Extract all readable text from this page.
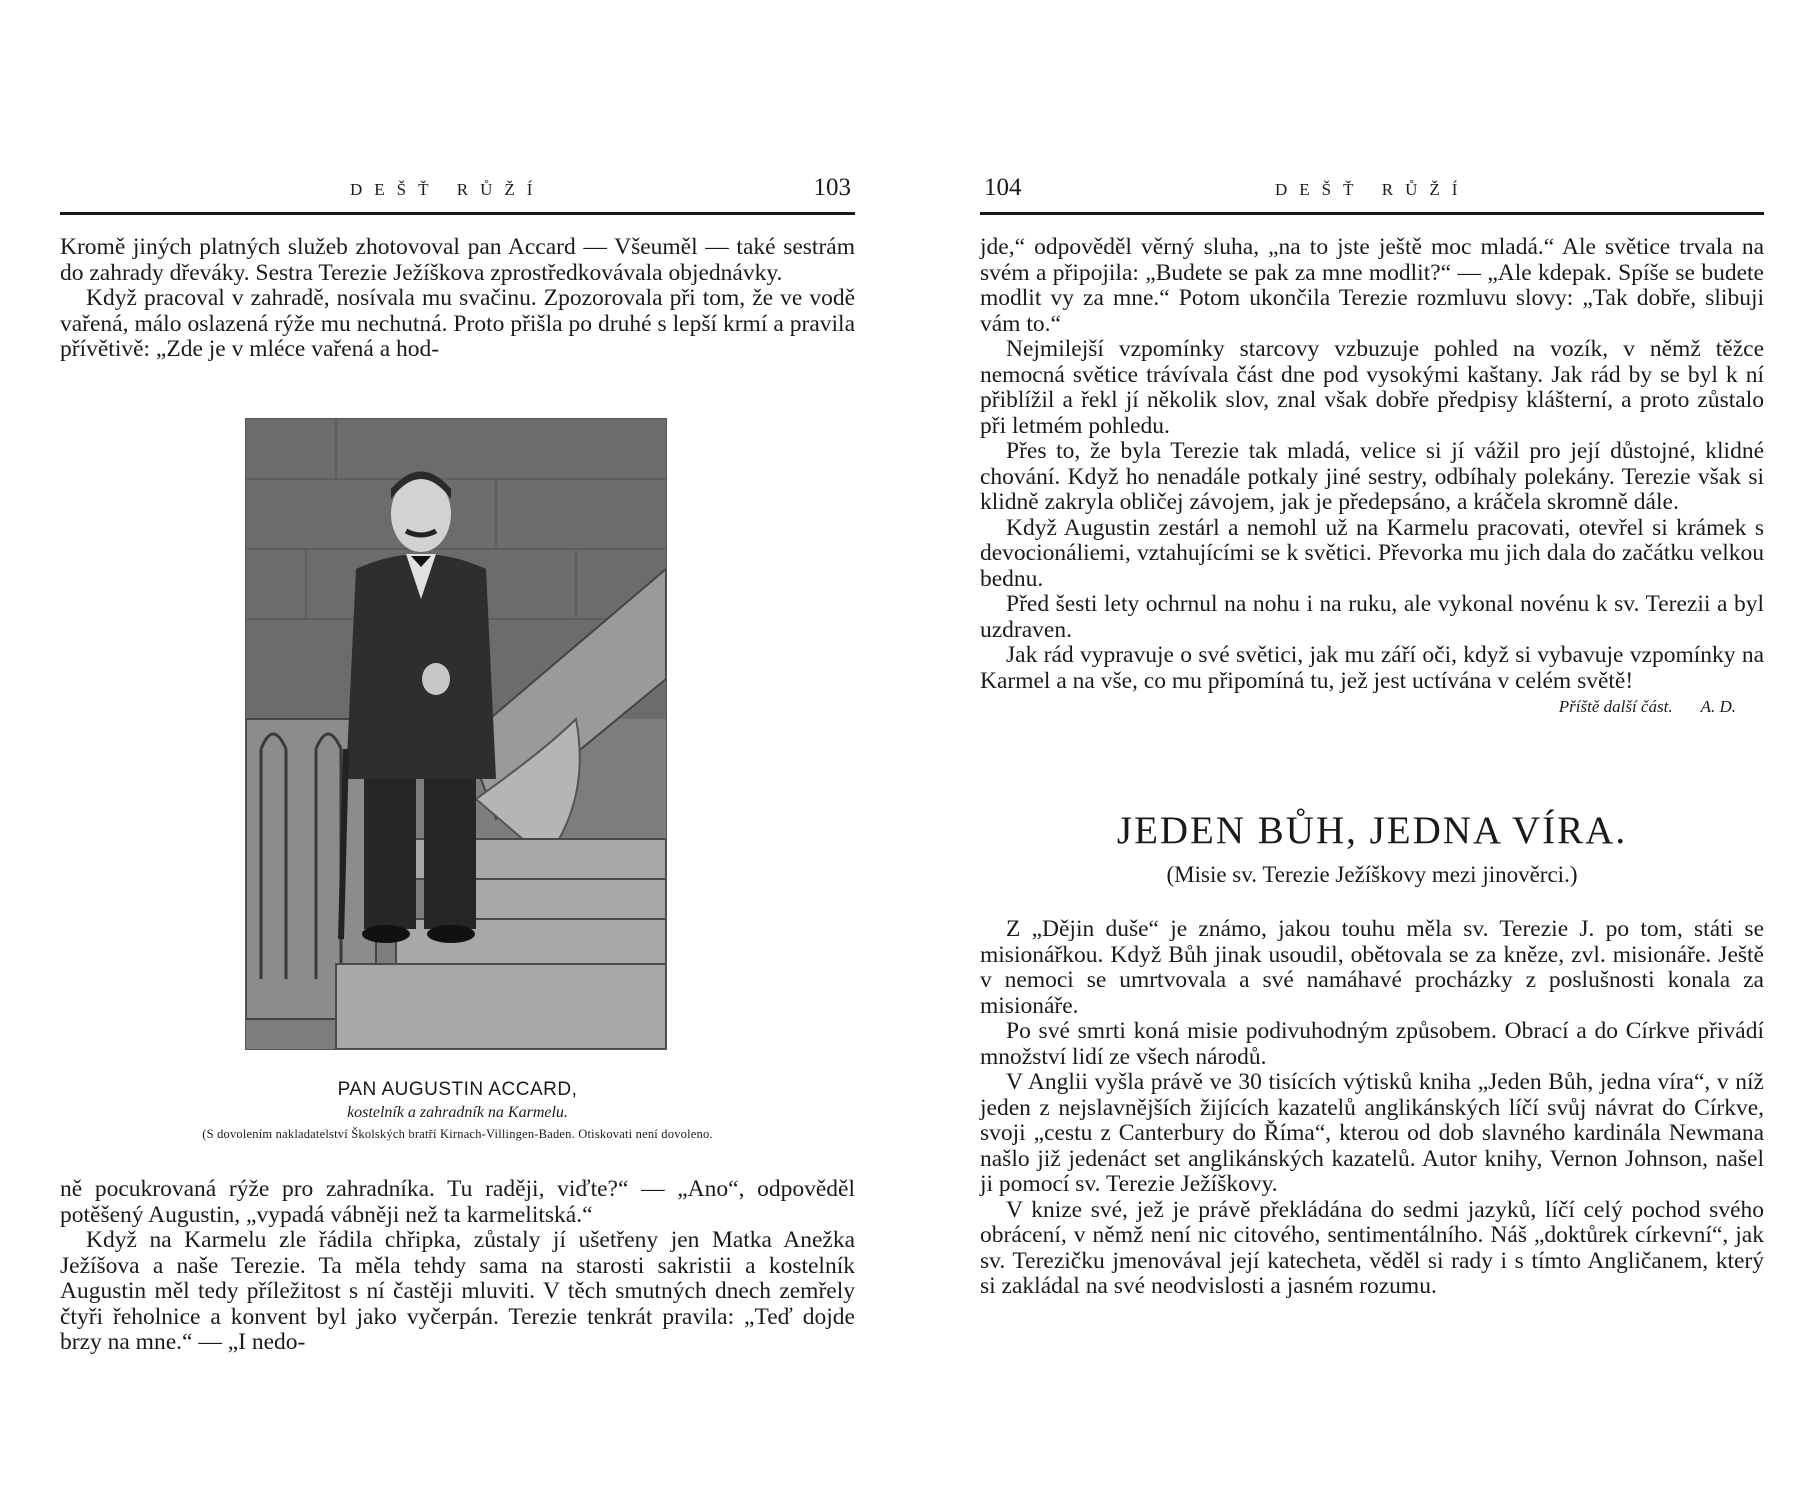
DEŠŤ RŮŽÍ	103

Kromě jiných platných služeb zhotovoval pan Accard — Všeuměl — také sestrám do zahrady dřeváky. Sestra Terezie Ježíškova zprostředkovávala objednávky.

Když pracoval v zahradě, nosívala mu svačinu. Zpozorovala při tom, že ve vodě vařená, málo oslazená rýže mu nechutná. Proto přišla po druhé s lepší krmí a pravila přívětivě: „Zde je v mléce vařená a hod-

PAN AUGUSTIN ACCARD,
kostelník a zahradník na Karmelu.
(S dovolením nakladatelství Školských bratří Kirnach-Villingen-Baden. Otiskovati není dovoleno.

ně pocukrovaná rýže pro zahradníka. Tu raději, viďte?“ — „Ano“, odpověděl potěšený Augustin, „vypadá vábněji než ta karmelitská.“

Když na Karmelu zle řádila chřipka, zůstaly jí ušetřeny jen Matka Anežka Ježíšova a naše Terezie. Ta měla tehdy sama na starosti sakristii a kostelník Augustin měl tedy příležitost s ní častěji mluviti. V těch smutných dnech zemřely čtyři řeholnice a konvent byl jako vyčerpán. Terezie tenkrát pravila: „Teď dojde brzy na mne.“ — „I nedo-

104	DEŠŤ RŮŽÍ

jde,“ odpověděl věrný sluha, „na to jste ještě moc mladá.“ Ale světice trvala na svém a připojila: „Budete se pak za mne modlit?“ — „Ale kdepak. Spíše se budete modlit vy za mne.“ Potom ukončila Terezie rozmluvu slovy: „Tak dobře, slibuji vám to.“

Nejmilejší vzpomínky starcovy vzbuzuje pohled na vozík, v němž těžce nemocná světice trávívala část dne pod vysokými kaštany. Jak rád by se byl k ní přiblížil a řekl jí několik slov, znal však dobře předpisy klášterní, a proto zůstalo při letmém pohledu.

Přes to, že byla Terezie tak mladá, velice si jí vážil pro její důstojné, klidné chování. Když ho nenadále potkaly jiné sestry, odbíhaly polekány. Terezie však si klidně zakryla obličej závojem, jak je předepsáno, a kráčela skromně dále.

Když Augustin zestárl a nemohl už na Karmelu pracovati, otevřel si krámek s devocionáliemi, vztahujícími se k světici. Převorka mu jich dala do začátku velkou bednu.

Před šesti lety ochrnul na nohu i na ruku, ale vykonal novénu k sv. Terezii a byl uzdraven.

Jak rád vypravuje o své světici, jak mu září oči, když si vybavuje vzpomínky na Karmel a na vše, co mu připomíná tu, jež jest uctívána v celém světě!
Příště další část. A. D.

JEDEN BŮH, JEDNA VÍRA.

(Misie sv. Terezie Ježíškovy mezi jinověrci.)

Z „Dějin duše“ je známo, jakou touhu měla sv. Terezie J. po tom, státi se misionářkou. Když Bůh jinak usoudil, obětovala se za kněze, zvl. misionáře. Ještě v nemoci se umrtvovala a své namáhavé procházky z poslušnosti konala za misionáře.

Po své smrti koná misie podivuhodným způsobem. Obrací a do Církve přivádí množství lidí ze všech národů.

V Anglii vyšla právě ve 30 tisících výtisků kniha „Jeden Bůh, jedna víra“, v níž jeden z nejslavnějších žijících kazatelů anglikánských líčí svůj návrat do Církve, svoji „cestu z Canterbury do Říma“, kterou od dob slavného kardinála Newmana našlo již jedenáct set anglikánských kazatelů. Autor knihy, Vernon Johnson, našel ji pomocí sv. Terezie Ježíškovy.

V knize své, jež je právě překládána do sedmi jazyků, líčí celý pochod svého obrácení, v němž není nic citového, sentimentálního. Náš „doktůrek církevní“, jak sv. Terezičku jmenovával její katecheta, věděl si rady i s tímto Angličanem, který si zakládal na své neodvislosti a jasném rozumu.
